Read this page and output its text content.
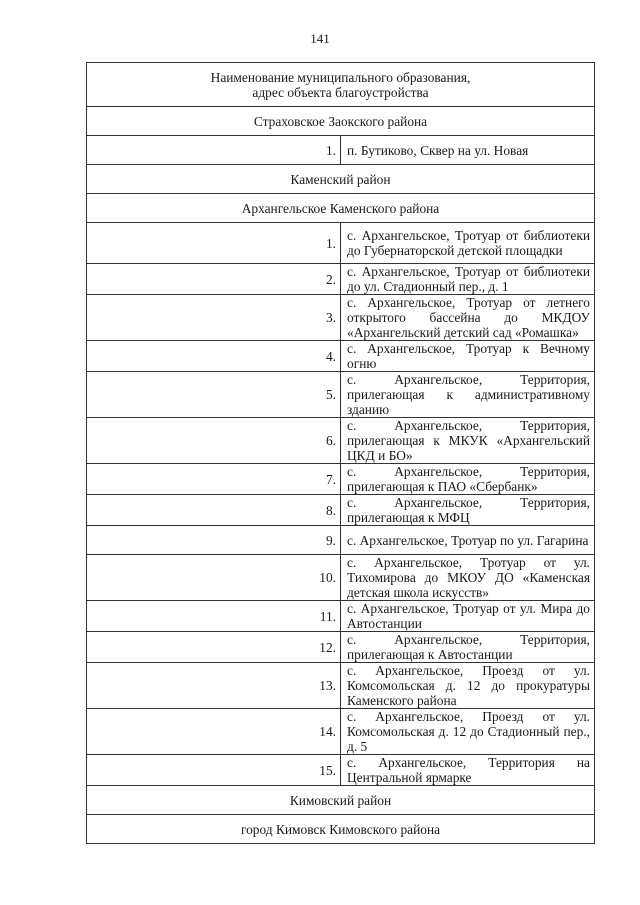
141
Наименование муниципального образования,
адрес объекта благоустройства	

Страховское Заокского района	
1.	п. Бутиково, Сквер на ул. Новая
Каменский район	
Архангельское Каменского района	
1.	с. Архангельское, Тротуар от библиотеки до Губернаторской детской площадки
2.	с. Архангельское, Тротуар от библиотеки до ул. Стадионный пер., д. 1
3.	с. Архангельское, Тротуар от летнего открытого бассейна до МКДОУ «Архангельский детский сад «Ромашка»
4.	с. Архангельское, Тротуар к Вечному огню
5.	с. Архангельское, Территория, прилегающая к административному зданию
6.	с. Архангельское, Территория, прилегающая к МКУК «Архангельский ЦКД и БО»
7.	с. Архангельское, Территория, прилегающая к ПАО «Сбербанк»
8.	с. Архангельское, Территория, прилегающая к МФЦ
9.	с. Архангельское, Тротуар по ул. Гагарина
10.	с. Архангельское, Тротуар от ул. Тихомирова до МКОУ ДО «Каменская детская школа искусств»
11.	с. Архангельское, Тротуар от ул. Мира до Автостанции
12.	с. Архангельское, Территория, прилегающая к Автостанции
13.	с. Архангельское, Проезд от ул. Комсомольская д. 12 до прокуратуры Каменского района
14.	с. Архангельское, Проезд от ул. Комсомольская д. 12 до Стадионный пер., д. 5
15.	с. Архангельское, Территория на Центральной ярмарке
Кимовский район	
город Кимовск Кимовского района	
